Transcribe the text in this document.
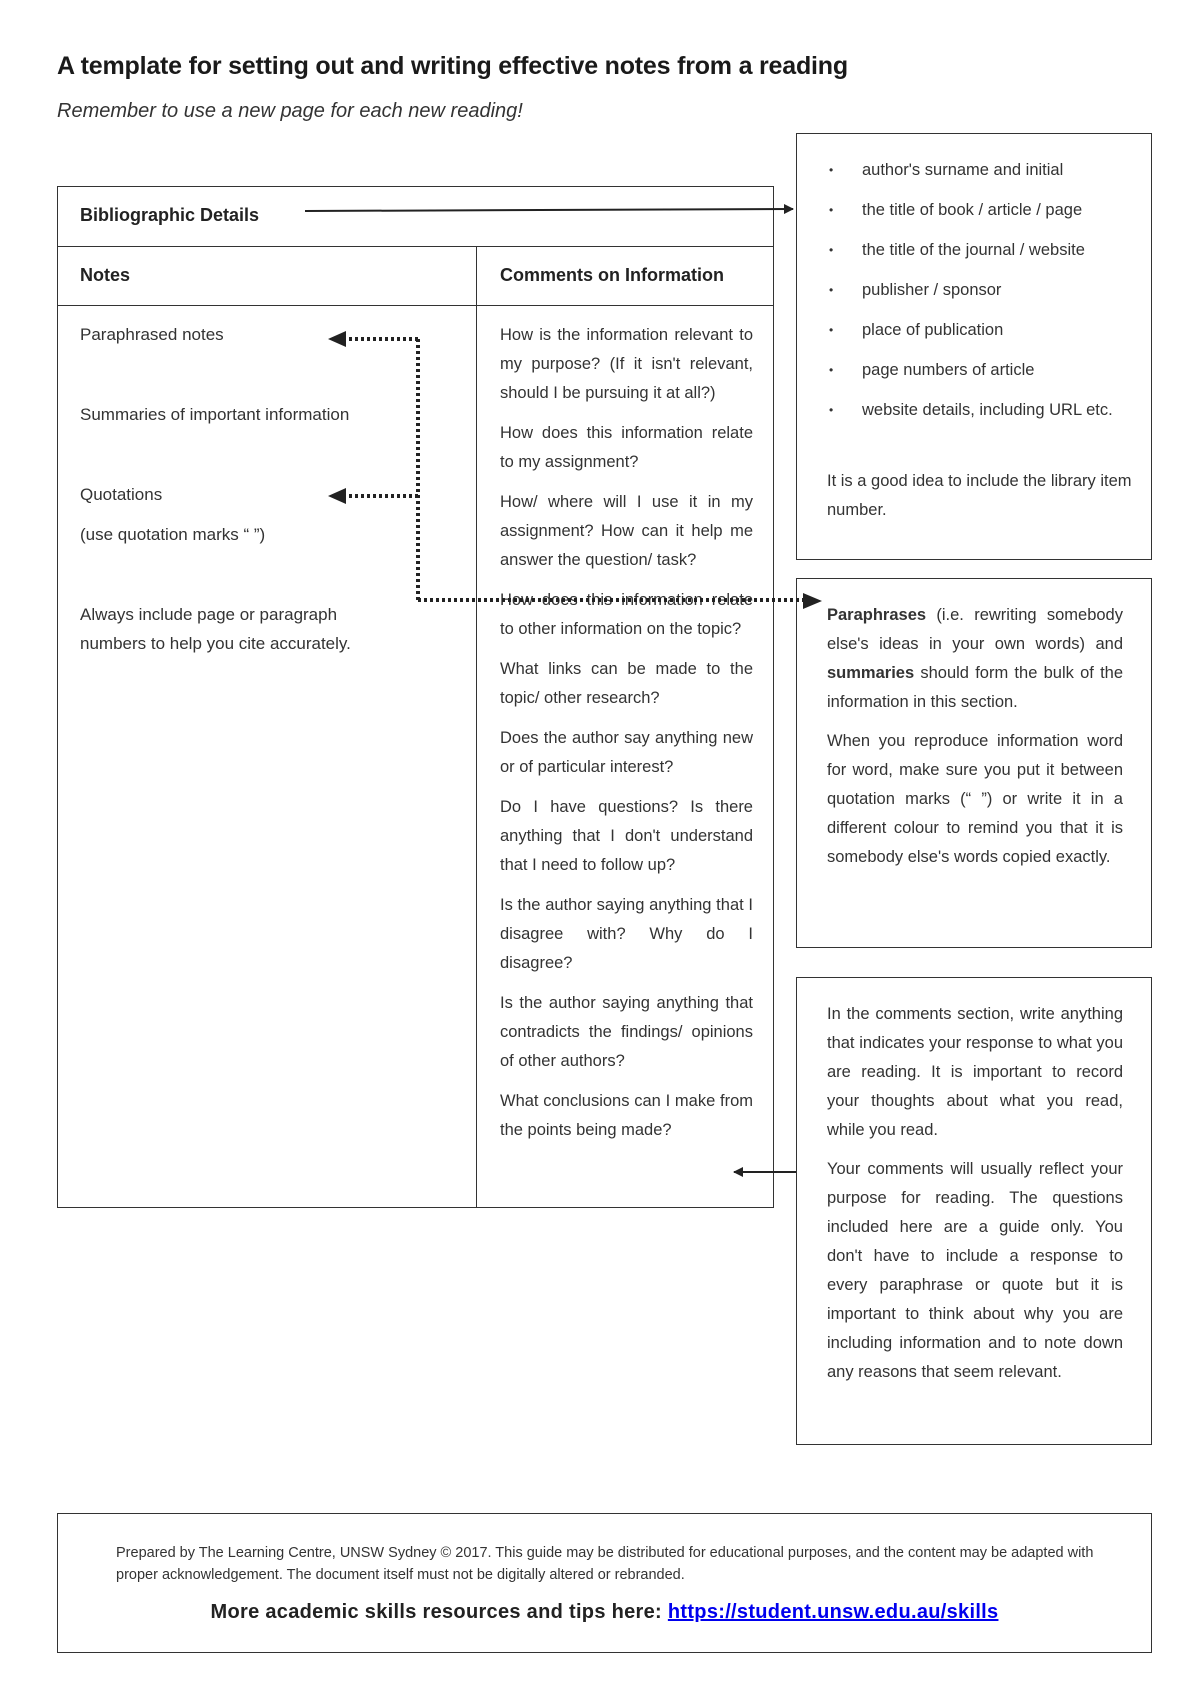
A template for setting out and writing effective notes from a reading
Remember to use a new page for each new reading!
Bibliographic Details
Notes	Comments on Information
Paraphrased notes
Summaries of important information
Quotations
(use quotation marks “ ”)
Always include page or paragraph
numbers to help you cite accurately.

How is the information relevant to my purpose? (If it isn't relevant, should I be pursuing it at all?)

How does this information relate to my assignment?

How/ where will I use it in my assignment? How can it help me answer the question/ task?

How does this information relate to other information on the topic?

What links can be made to the topic/ other research?

Does the author say anything new or of particular interest?

Do I have questions? Is there anything that I don't understand that I need to follow up?

Is the author saying anything that I disagree with? Why do I disagree?

Is the author saying anything that contradicts the findings/ opinions of other authors?

What conclusions can I make from the points being made?

• author's surname and initial
• the title of book / article / page
• the title of the journal / website
• publisher / sponsor
• place of publication
• page numbers of article
• website details, including URL etc.
It is a good idea to include the library item number.

Paraphrases (i.e. rewriting somebody else's ideas in your own words) and summaries should form the bulk of the information in this section.

When you reproduce information word for word, make sure you put it between quotation marks (“ ”) or write it in a different colour to remind you that it is somebody else's words copied exactly.

In the comments section, write anything that indicates your response to what you are reading. It is important to record your thoughts about what you read, while you read.

Your comments will usually reflect your purpose for reading. The questions included here are a guide only. You don't have to include a response to every paraphrase or quote but it is important to think about why you are including information and to note down any reasons that seem relevant.

Prepared by The Learning Centre, UNSW Sydney © 2017. This guide may be distributed for educational purposes, and the content may be adapted with proper acknowledgement. The document itself must not be digitally altered or rebranded.
More academic skills resources and tips here: https://student.unsw.edu.au/skills
